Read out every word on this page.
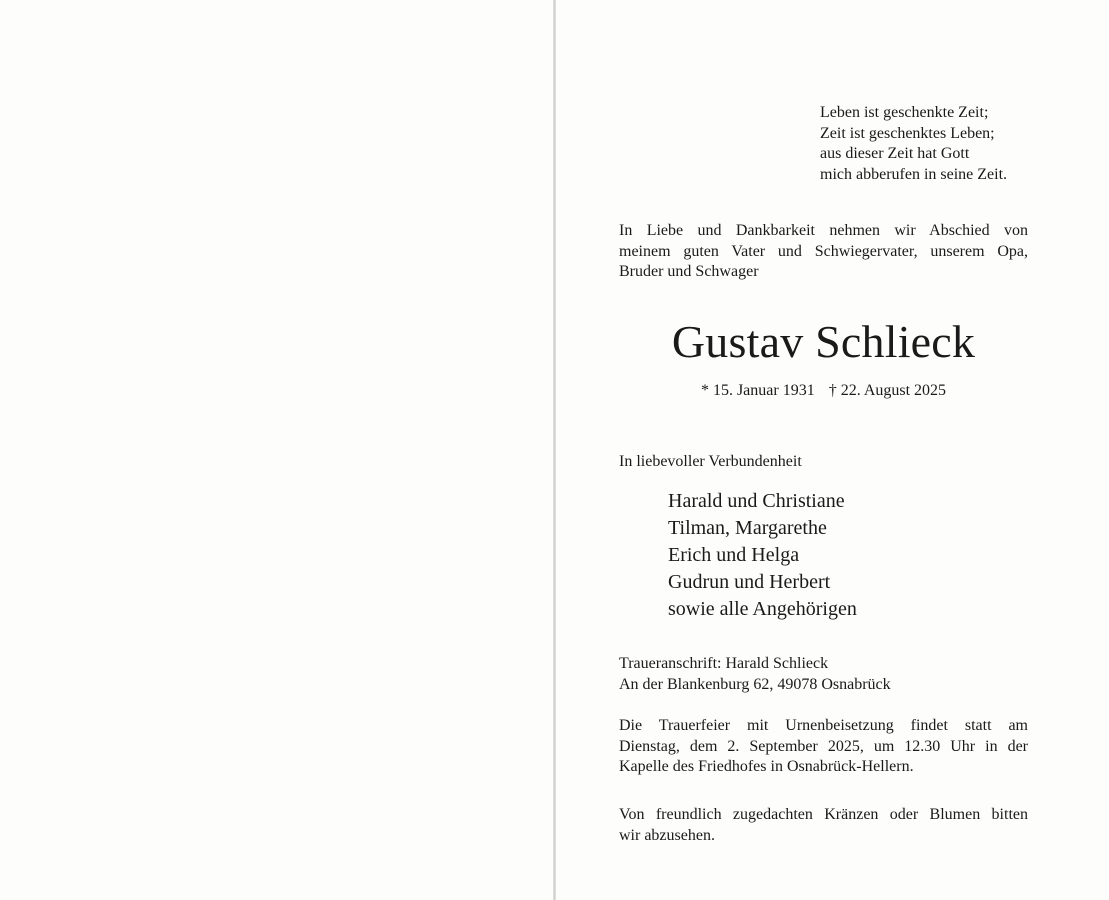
Leben ist geschenkte Zeit;
Zeit ist geschenktes Leben;
aus dieser Zeit hat Gott
mich abberufen in seine Zeit.
In Liebe und Dankbarkeit nehmen wir Abschied von
meinem guten Vater und Schwiegervater, unserem Opa,
Bruder und Schwager
Gustav Schlieck
* 15. Januar 1931 † 22. August 2025
In liebevoller Verbundenheit
Harald und Christiane
Tilman, Margarethe
Erich und Helga
Gudrun und Herbert
sowie alle Angehörigen
Traueranschrift: Harald Schlieck
An der Blankenburg 62, 49078 Osnabrück
Die Trauerfeier mit Urnenbeisetzung findet statt am
Dienstag, dem 2. September 2025, um 12.30 Uhr in der
Kapelle des Friedhofes in Osnabrück-Hellern.
Von freundlich zugedachten Kränzen oder Blumen bitten
wir abzusehen.
